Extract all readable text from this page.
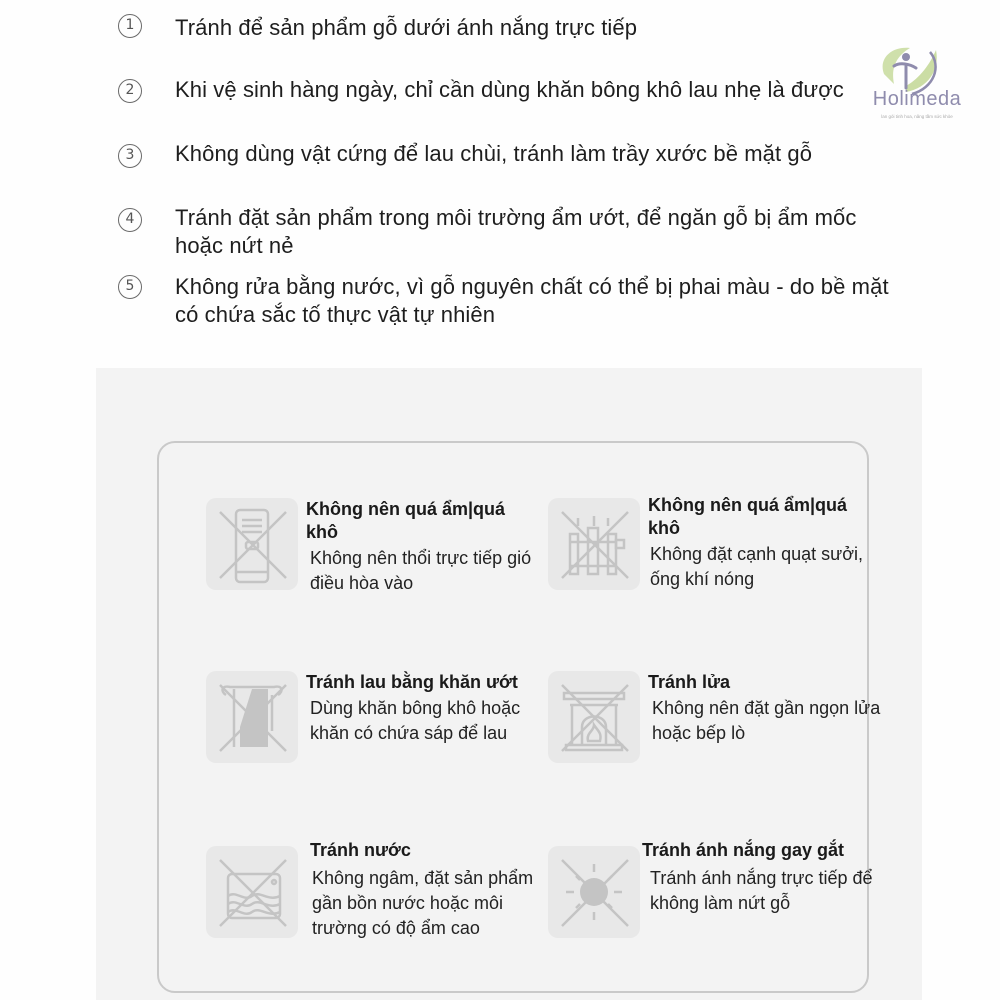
1	Tránh để sản phẩm gỗ dưới ánh nắng trực tiếp
2	Khi vệ sinh hàng ngày, chỉ cần dùng khăn bông khô lau nhẹ là được
3	Không dùng vật cứng để lau chùi, tránh làm trầy xước bề mặt gỗ
4	Tránh đặt sản phẩm trong môi trường ẩm ướt, để ngăn gỗ bị ẩm mốc hoặc nứt nẻ
5	Không rửa bằng nước, vì gỗ nguyên chất có thể bị phai màu - do bề mặt có chứa sắc tố thực vật tự nhiên
Holimeda
lan gỏi tinh hoa, nâng tầm sức khỏe
Không nên quá ẩm|quá khô
Không nên thổi trực tiếp gió điều hòa vào
Không nên quá ẩm|quá khô
Không đặt cạnh quạt sưởi, ống khí nóng
Tránh lau bằng khăn ướt
Dùng khăn bông khô hoặc khăn có chứa sáp để lau
Tránh lửa
Không nên đặt gần ngọn lửa hoặc bếp lò
Tránh nước
Không ngâm, đặt sản phẩm gần bồn nước hoặc môi trường có độ ẩm cao
Tránh ánh nắng gay gắt
Tránh ánh nắng trực tiếp để không làm nứt gỗ
